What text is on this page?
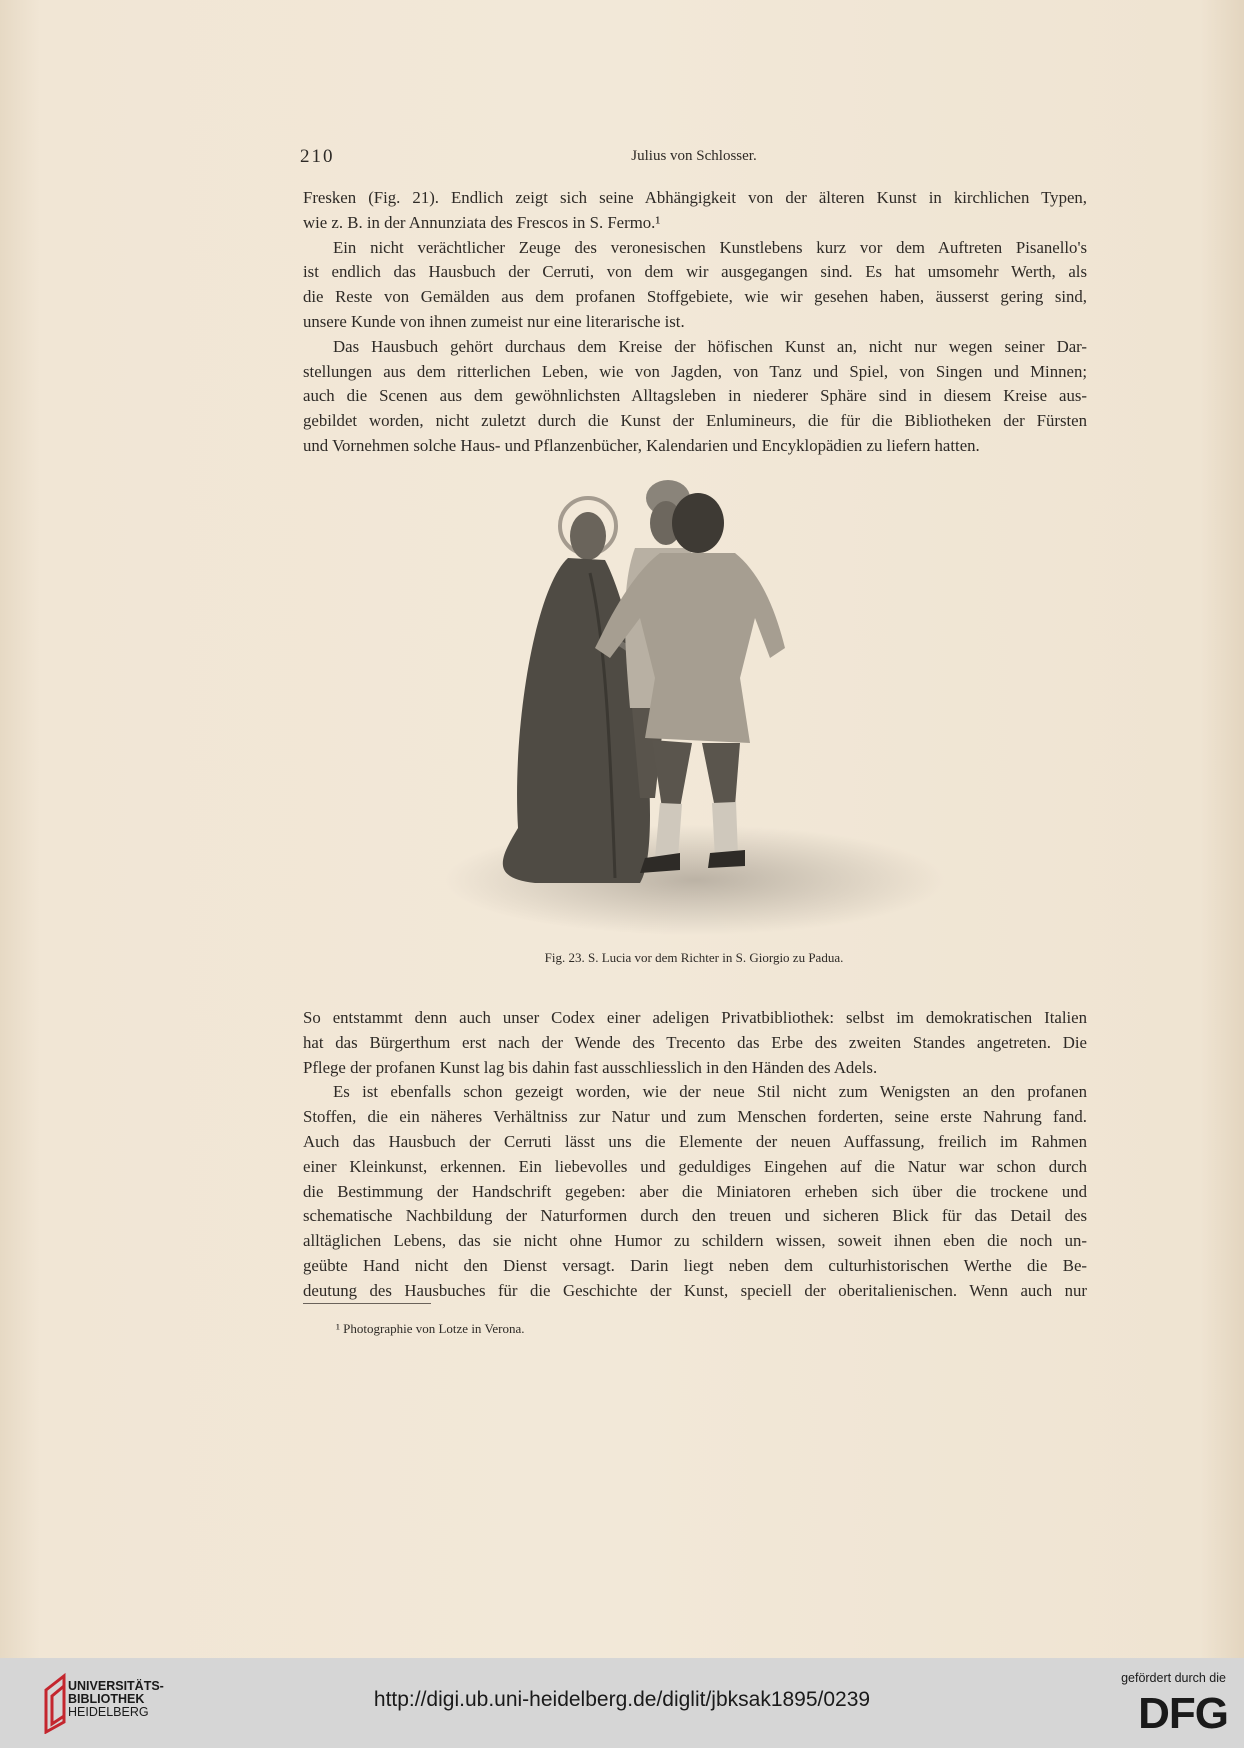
210	Julius von Schlosser.

Fresken (Fig. 21). Endlich zeigt sich seine Abhängigkeit von der älteren Kunst in kirchlichen Typen,

wie z. B. in der Annunziata des Frescos in S. Fermo.¹

Ein nicht verächtlicher Zeuge des veronesischen Kunstlebens kurz vor dem Auftreten Pisanello's

ist endlich das Hausbuch der Cerruti, von dem wir ausgegangen sind. Es hat umsomehr Werth, als

die Reste von Gemälden aus dem profanen Stoffgebiete, wie wir gesehen haben, äusserst gering sind,

unsere Kunde von ihnen zumeist nur eine literarische ist.

Das Hausbuch gehört durchaus dem Kreise der höfischen Kunst an, nicht nur wegen seiner Dar-

stellungen aus dem ritterlichen Leben, wie von Jagden, von Tanz und Spiel, von Singen und Minnen;

auch die Scenen aus dem gewöhnlichsten Alltagsleben in niederer Sphäre sind in diesem Kreise aus-

gebildet worden, nicht zuletzt durch die Kunst der Enlumineurs, die für die Bibliotheken der Fürsten

und Vornehmen solche Haus- und Pflanzenbücher, Kalendarien und Encyklopädien zu liefern hatten.

Fig. 23. S. Lucia vor dem Richter in S. Giorgio zu Padua.

So entstammt denn auch unser Codex einer adeligen Privatbibliothek: selbst im demokratischen Italien

hat das Bürgerthum erst nach der Wende des Trecento das Erbe des zweiten Standes angetreten. Die

Pflege der profanen Kunst lag bis dahin fast ausschliesslich in den Händen des Adels.

Es ist ebenfalls schon gezeigt worden, wie der neue Stil nicht zum Wenigsten an den profanen

Stoffen, die ein näheres Verhältniss zur Natur und zum Menschen forderten, seine erste Nahrung fand.

Auch das Hausbuch der Cerruti lässt uns die Elemente der neuen Auffassung, freilich im Rahmen

einer Kleinkunst, erkennen. Ein liebevolles und geduldiges Eingehen auf die Natur war schon durch

die Bestimmung der Handschrift gegeben: aber die Miniatoren erheben sich über die trockene und

schematische Nachbildung der Naturformen durch den treuen und sicheren Blick für das Detail des

alltäglichen Lebens, das sie nicht ohne Humor zu schildern wissen, soweit ihnen eben die noch un-

geübte Hand nicht den Dienst versagt. Darin liegt neben dem culturhistorischen Werthe die Be-

deutung des Hausbuches für die Geschichte der Kunst, speciell der oberitalienischen. Wenn auch nur

¹ Photographie von Lotze in Verona.
UNIVERSITÄTS-
BIBLIOTHEK
HEIDELBERG
http://digi.ub.uni-heidelberg.de/diglit/jbksak1895/0239
gefördert durch die
DFG
